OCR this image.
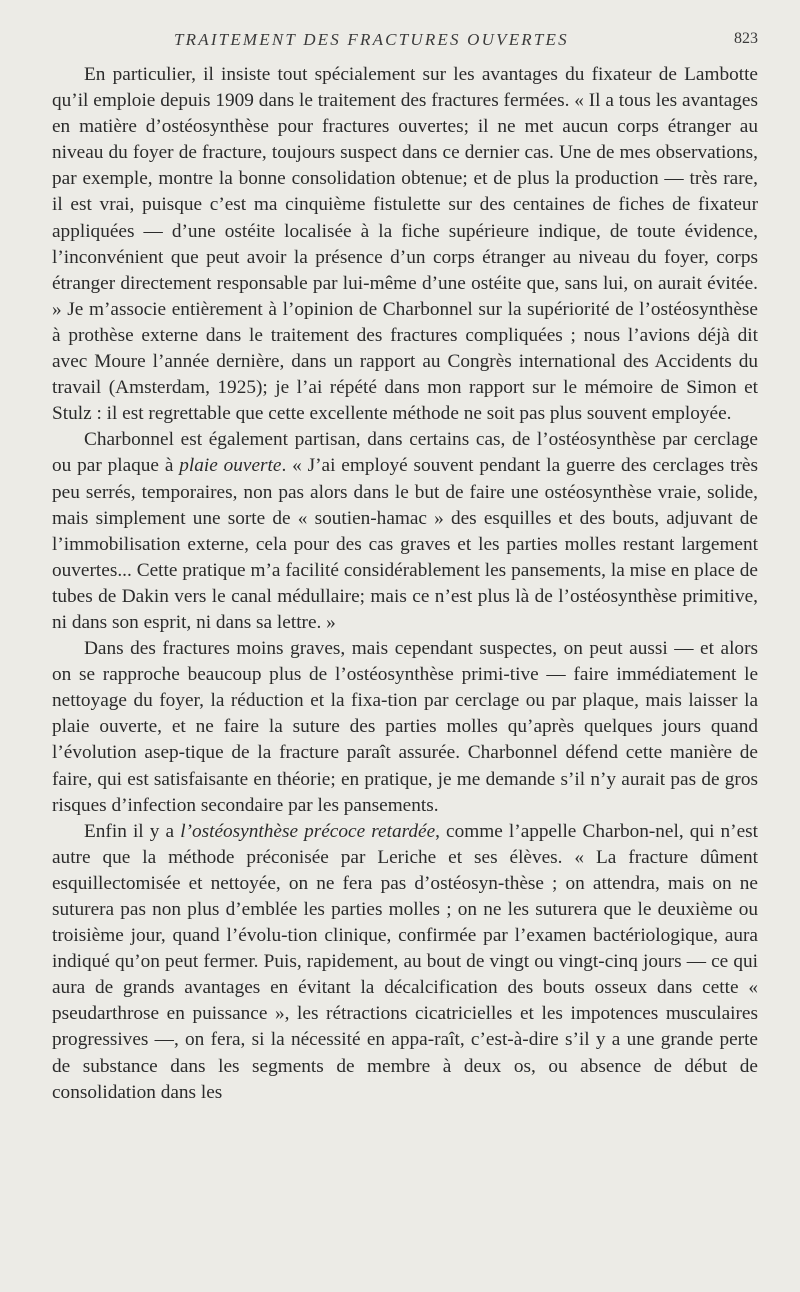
TRAITEMENT DES FRACTURES OUVERTES	823

En particulier, il insiste tout spécialement sur les avantages du fixateur de Lambotte qu’il emploie depuis 1909 dans le traitement des fractures fermées. « Il a tous les avantages en matière d’ostéosynthèse pour fractures ouvertes; il ne met aucun corps étranger au niveau du foyer de fracture, toujours suspect dans ce dernier cas. Une de mes observations, par exemple, montre la bonne consolidation obtenue; et de plus la production — très rare, il est vrai, puisque c’est ma cinquième fistulette sur des centaines de fiches de fixateur appliquées — d’une ostéite localisée à la fiche supérieure indique, de toute évidence, l’inconvénient que peut avoir la présence d’un corps étranger au niveau du foyer, corps étranger directement responsable par lui-même d’une ostéite que, sans lui, on aurait évitée. » Je m’associe entièrement à l’opinion de Charbonnel sur la supériorité de l’ostéosynthèse à prothèse externe dans le traitement des fractures compliquées ; nous l’avions déjà dit avec Moure l’année dernière, dans un rapport au Congrès international des Accidents du travail (Amsterdam, 1925); je l’ai répété dans mon rapport sur le mémoire de Simon et Stulz : il est regrettable que cette excellente méthode ne soit pas plus souvent employée.

Charbonnel est également partisan, dans certains cas, de l’ostéosynthèse par cerclage ou par plaque à plaie ouverte. « J’ai employé souvent pendant la guerre des cerclages très peu serrés, temporaires, non pas alors dans le but de faire une ostéosynthèse vraie, solide, mais simplement une sorte de « soutien-hamac » des esquilles et des bouts, adjuvant de l’immobilisation externe, cela pour des cas graves et les parties molles restant largement ouvertes... Cette pratique m’a facilité considérablement les pansements, la mise en place de tubes de Dakin vers le canal médullaire; mais ce n’est plus là de l’ostéosynthèse primitive, ni dans son esprit, ni dans sa lettre. »

Dans des fractures moins graves, mais cependant suspectes, on peut aussi — et alors on se rapproche beaucoup plus de l’ostéosynthèse primi-tive — faire immédiatement le nettoyage du foyer, la réduction et la fixa-tion par cerclage ou par plaque, mais laisser la plaie ouverte, et ne faire la suture des parties molles qu’après quelques jours quand l’évolution asep-tique de la fracture paraît assurée. Charbonnel défend cette manière de faire, qui est satisfaisante en théorie; en pratique, je me demande s’il n’y aurait pas de gros risques d’infection secondaire par les pansements.

Enfin il y a l’ostéosynthèse précoce retardée, comme l’appelle Charbon-nel, qui n’est autre que la méthode préconisée par Leriche et ses élèves. « La fracture dûment esquillectomisée et nettoyée, on ne fera pas d’ostéosyn-thèse ; on attendra, mais on ne suturera pas non plus d’emblée les parties molles ; on ne les suturera que le deuxième ou troisième jour, quand l’évolu-tion clinique, confirmée par l’examen bactériologique, aura indiqué qu’on peut fermer. Puis, rapidement, au bout de vingt ou vingt-cinq jours — ce qui aura de grands avantages en évitant la décalcification des bouts osseux dans cette « pseudarthrose en puissance », les rétractions cicatricielles et les impotences musculaires progressives —, on fera, si la nécessité en appa-raît, c’est-à-dire s’il y a une grande perte de substance dans les segments de membre à deux os, ou absence de début de consolidation dans les
